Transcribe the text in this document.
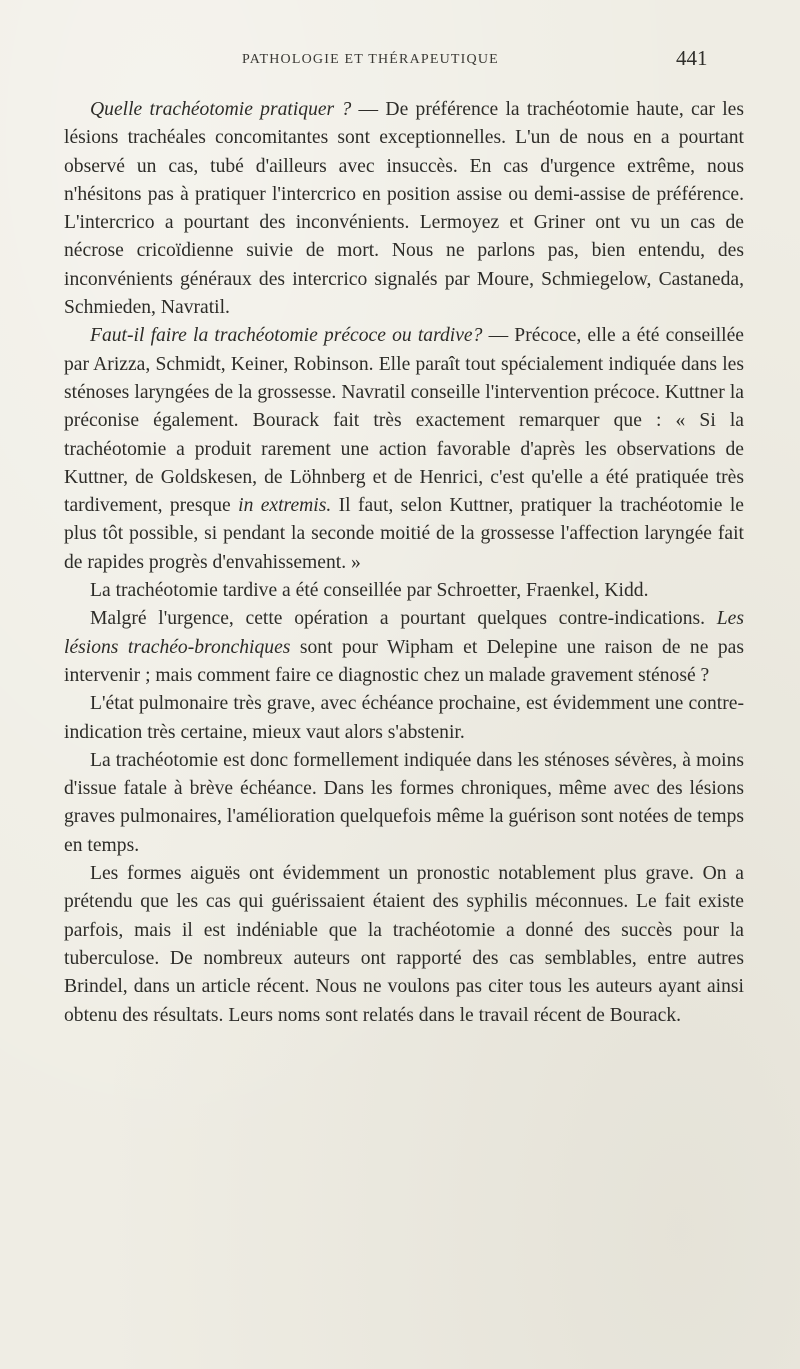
PATHOLOGIE ET THÉRAPEUTIQUE	441

Quelle trachéotomie pratiquer ? — De préférence la trachéotomie haute, car les lésions trachéales concomitantes sont exceptionnelles. L'un de nous en a pourtant observé un cas, tubé d'ailleurs avec insuccès. En cas d'urgence extrême, nous n'hésitons pas à pratiquer l'intercrico en position assise ou demi-assise de préférence. L'intercrico a pourtant des inconvénients. Lermoyez et Griner ont vu un cas de nécrose cricoïdienne suivie de mort. Nous ne parlons pas, bien entendu, des inconvénients généraux des intercrico signalés par Moure, Schmiegelow, Castaneda, Schmieden, Navratil.

Faut-il faire la trachéotomie précoce ou tardive? — Précoce, elle a été conseillée par Arizza, Schmidt, Keiner, Robinson. Elle paraît tout spécialement indiquée dans les sténoses laryngées de la grossesse. Navratil conseille l'intervention précoce. Kuttner la préconise également. Bourack fait très exactement remarquer que : « Si la trachéotomie a produit rarement une action favorable d'après les observations de Kuttner, de Goldskesen, de Löhnberg et de Henrici, c'est qu'elle a été pratiquée très tardivement, presque in extremis. Il faut, selon Kuttner, pratiquer la trachéotomie le plus tôt possible, si pendant la seconde moitié de la grossesse l'affection laryngée fait de rapides progrès d'envahissement. »

La trachéotomie tardive a été conseillée par Schroetter, Fraenkel, Kidd.

Malgré l'urgence, cette opération a pourtant quelques contre-indications. Les lésions trachéo-bronchiques sont pour Wipham et Delepine une raison de ne pas intervenir ; mais comment faire ce diagnostic chez un malade gravement sténosé ?

L'état pulmonaire très grave, avec échéance prochaine, est évidemment une contre-indication très certaine, mieux vaut alors s'abstenir.

La trachéotomie est donc formellement indiquée dans les sténoses sévères, à moins d'issue fatale à brève échéance. Dans les formes chroniques, même avec des lésions graves pulmonaires, l'amélioration quelquefois même la guérison sont notées de temps en temps.

Les formes aiguës ont évidemment un pronostic notablement plus grave. On a prétendu que les cas qui guérissaient étaient des syphilis méconnues. Le fait existe parfois, mais il est indéniable que la trachéotomie a donné des succès pour la tuberculose. De nombreux auteurs ont rapporté des cas semblables, entre autres Brindel, dans un article récent. Nous ne voulons pas citer tous les auteurs ayant ainsi obtenu des résultats. Leurs noms sont relatés dans le travail récent de Bourack.
